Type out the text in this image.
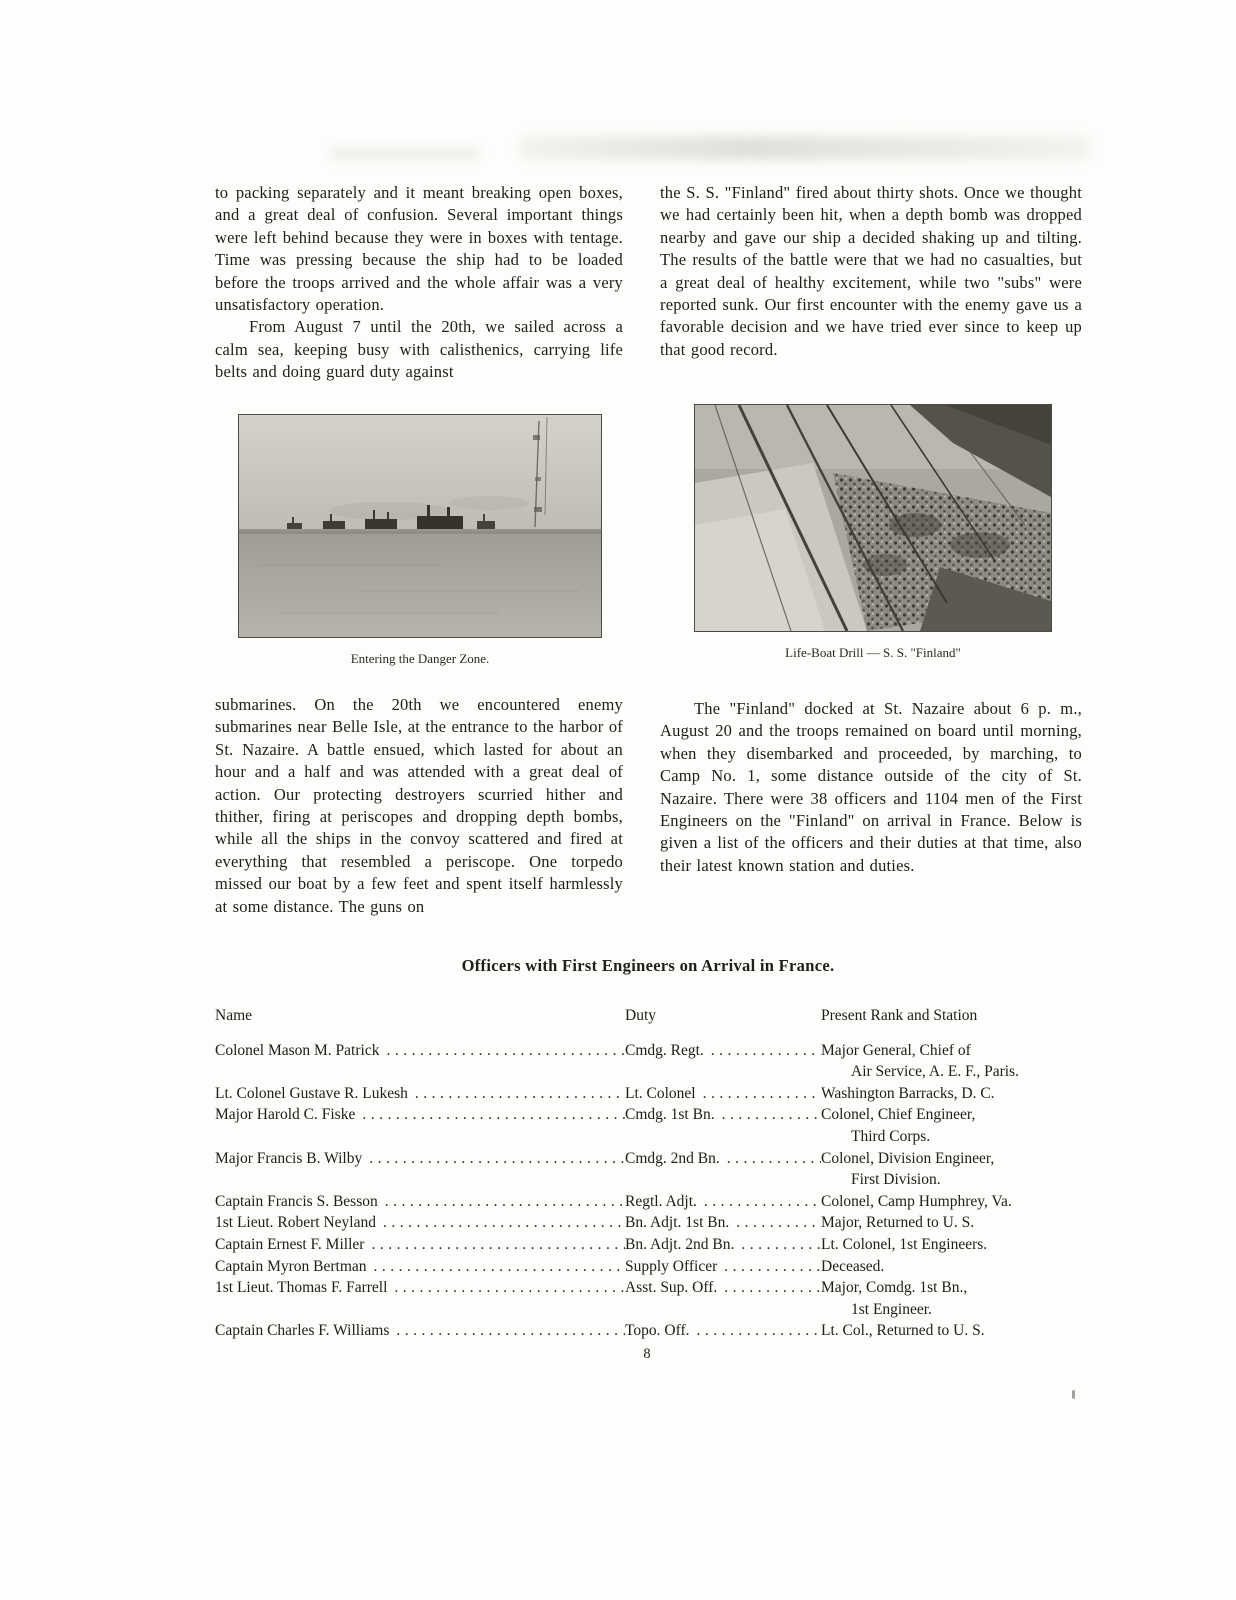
to packing separately and it meant breaking open boxes, and a great deal of confusion. Several important things were left behind because they were in boxes with tentage. Time was pressing because the ship had to be loaded before the troops arrived and the whole affair was a very unsatisfactory operation.

From August 7 until the 20th, we sailed across a calm sea, keeping busy with calisthenics, carrying life belts and doing guard duty against

Entering the Danger Zone.

submarines. On the 20th we encountered enemy submarines near Belle Isle, at the entrance to the harbor of St. Nazaire. A battle ensued, which lasted for about an hour and a half and was attended with a great deal of action. Our protecting destroyers scurried hither and thither, firing at periscopes and dropping depth bombs, while all the ships in the convoy scattered and fired at everything that resembled a periscope. One torpedo missed our boat by a few feet and spent itself harmlessly at some distance. The guns on

the S. S. "Finland" fired about thirty shots. Once we thought we had certainly been hit, when a depth bomb was dropped nearby and gave our ship a decided shaking up and tilting. The results of the battle were that we had no casualties, but a great deal of healthy excitement, while two "subs" were reported sunk. Our first encounter with the enemy gave us a favorable decision and we have tried ever since to keep up that good record.

Life-Boat Drill — S. S. "Finland"

The "Finland" docked at St. Nazaire about 6 p. m., August 20 and the troops remained on board until morning, when they disembarked and proceeded, by marching, to Camp No. 1, some distance outside of the city of St. Nazaire. There were 38 officers and 1104 men of the First Engineers on the "Finland" on arrival in France. Below is given a list of the officers and their duties at that time, also their latest known station and duties.

Officers with First Engineers on Arrival in France.
Name	Duty	Present Rank and Station
Colonel Mason M. Patrick .....	Cmdg. Regt. .....	Major General, Chief of
Air Service, A. E. F., Paris.
Lt. Colonel Gustave R. Lukesh .....	Lt. Colonel .....	Washington Barracks, D. C.
Major Harold C. Fiske .....	Cmdg. 1st Bn. .....	Colonel, Chief Engineer,
Third Corps.
Major Francis B. Wilby .....	Cmdg. 2nd Bn. .....	Colonel, Division Engineer,
First Division.
Captain Francis S. Besson .....	Regtl. Adjt. .....	Colonel, Camp Humphrey, Va.
1st Lieut. Robert Neyland .....	Bn. Adjt. 1st Bn. .....	Major, Returned to U. S.
Captain Ernest F. Miller .....	Bn. Adjt. 2nd Bn. .....	Lt. Colonel, 1st Engineers.
Captain Myron Bertman .....	Supply Officer .....	Deceased.
1st Lieut. Thomas F. Farrell .....	Asst. Sup. Off. .....	Major, Comdg. 1st Bn.,
1st Engineer.
Captain Charles F. Williams .....	Topo. Off. .....	Lt. Col., Returned to U. S.
8
